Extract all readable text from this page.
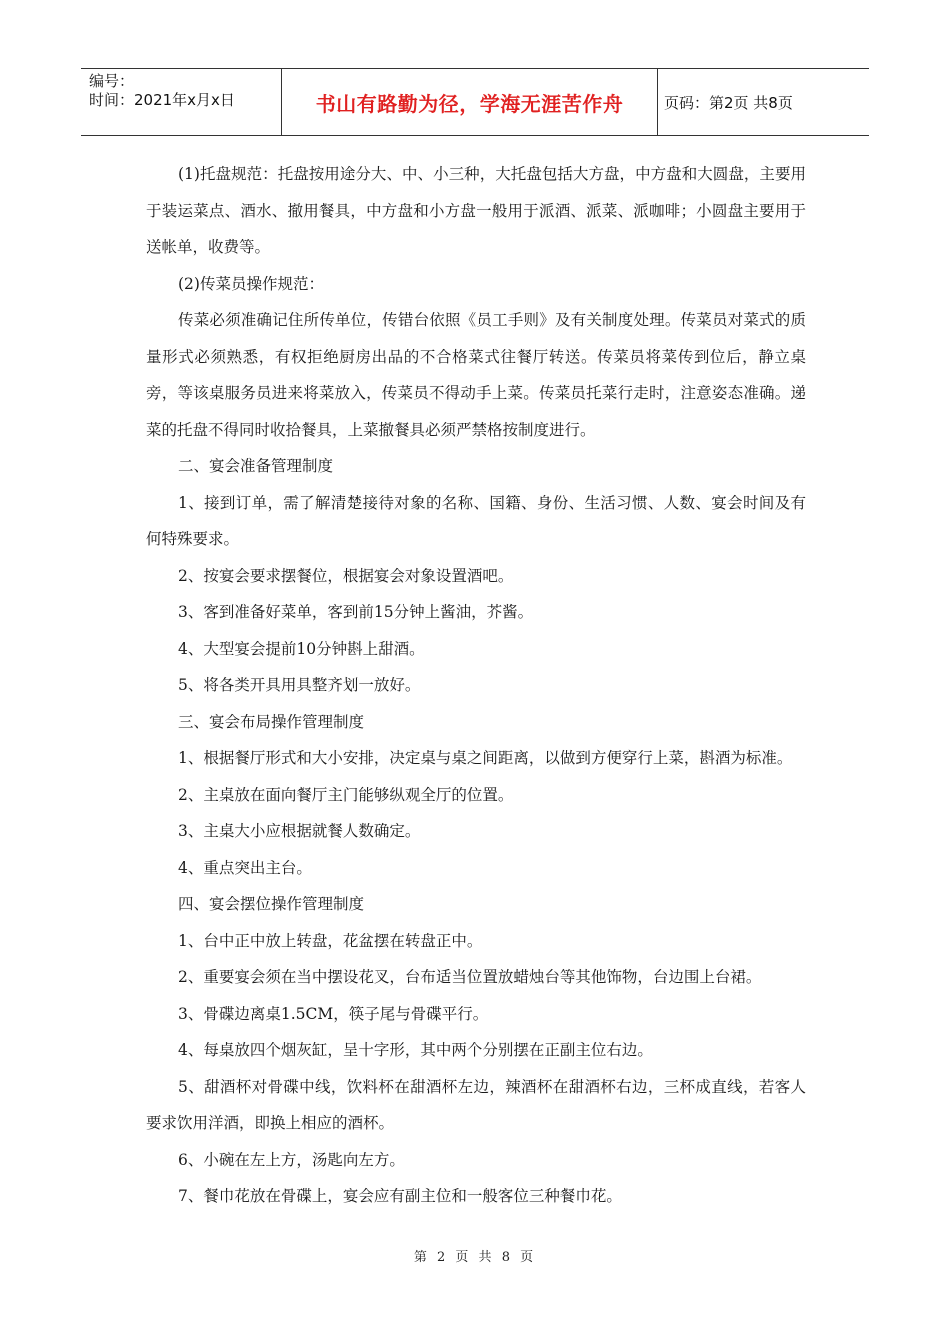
编号：
时间：2021年x月x日	书山有路勤为径，学海无涯苦作舟	页码：第2页 共8页

(1)托盘规范：托盘按用途分大、中、小三种，大托盘包括大方盘，中方盘和大圆盘，主要用于装运菜点、酒水、撤用餐具，中方盘和小方盘一般用于派酒、派菜、派咖啡；小圆盘主要用于送帐单，收费等。

(2)传菜员操作规范：

传菜必须准确记住所传单位，传错台依照《员工手则》及有关制度处理。传菜员对菜式的质量形式必须熟悉，有权拒绝厨房出品的不合格菜式往餐厅转送。传菜员将菜传到位后，静立桌旁，等该桌服务员进来将菜放入，传菜员不得动手上菜。传菜员托菜行走时，注意姿态准确。递菜的托盘不得同时收拾餐具，上菜撤餐具必须严禁格按制度进行。

二、宴会准备管理制度

1、接到订单，需了解清楚接待对象的名称、国籍、身份、生活习惯、人数、宴会时间及有何特殊要求。

2、按宴会要求摆餐位，根据宴会对象设置酒吧。

3、客到准备好菜单，客到前15分钟上酱油，芥酱。

4、大型宴会提前10分钟斟上甜酒。

5、将各类开具用具整齐划一放好。

三、宴会布局操作管理制度

1、根据餐厅形式和大小安排，决定桌与桌之间距离，以做到方便穿行上菜，斟酒为标准。

2、主桌放在面向餐厅主门能够纵观全厅的位置。

3、主桌大小应根据就餐人数确定。

4、重点突出主台。

四、宴会摆位操作管理制度

1、台中正中放上转盘，花盆摆在转盘正中。

2、重要宴会须在当中摆设花叉，台布适当位置放蜡烛台等其他饰物，台边围上台裙。

3、骨碟边离桌1.5CM，筷子尾与骨碟平行。

4、每桌放四个烟灰缸，呈十字形，其中两个分别摆在正副主位右边。

5、甜酒杯对骨碟中线，饮料杯在甜酒杯左边，辣酒杯在甜酒杯右边，三杯成直线，若客人要求饮用洋酒，即换上相应的酒杯。

6、小碗在左上方，汤匙向左方。

7、餐巾花放在骨碟上，宴会应有副主位和一般客位三种餐巾花。

第 2 页 共 8 页
